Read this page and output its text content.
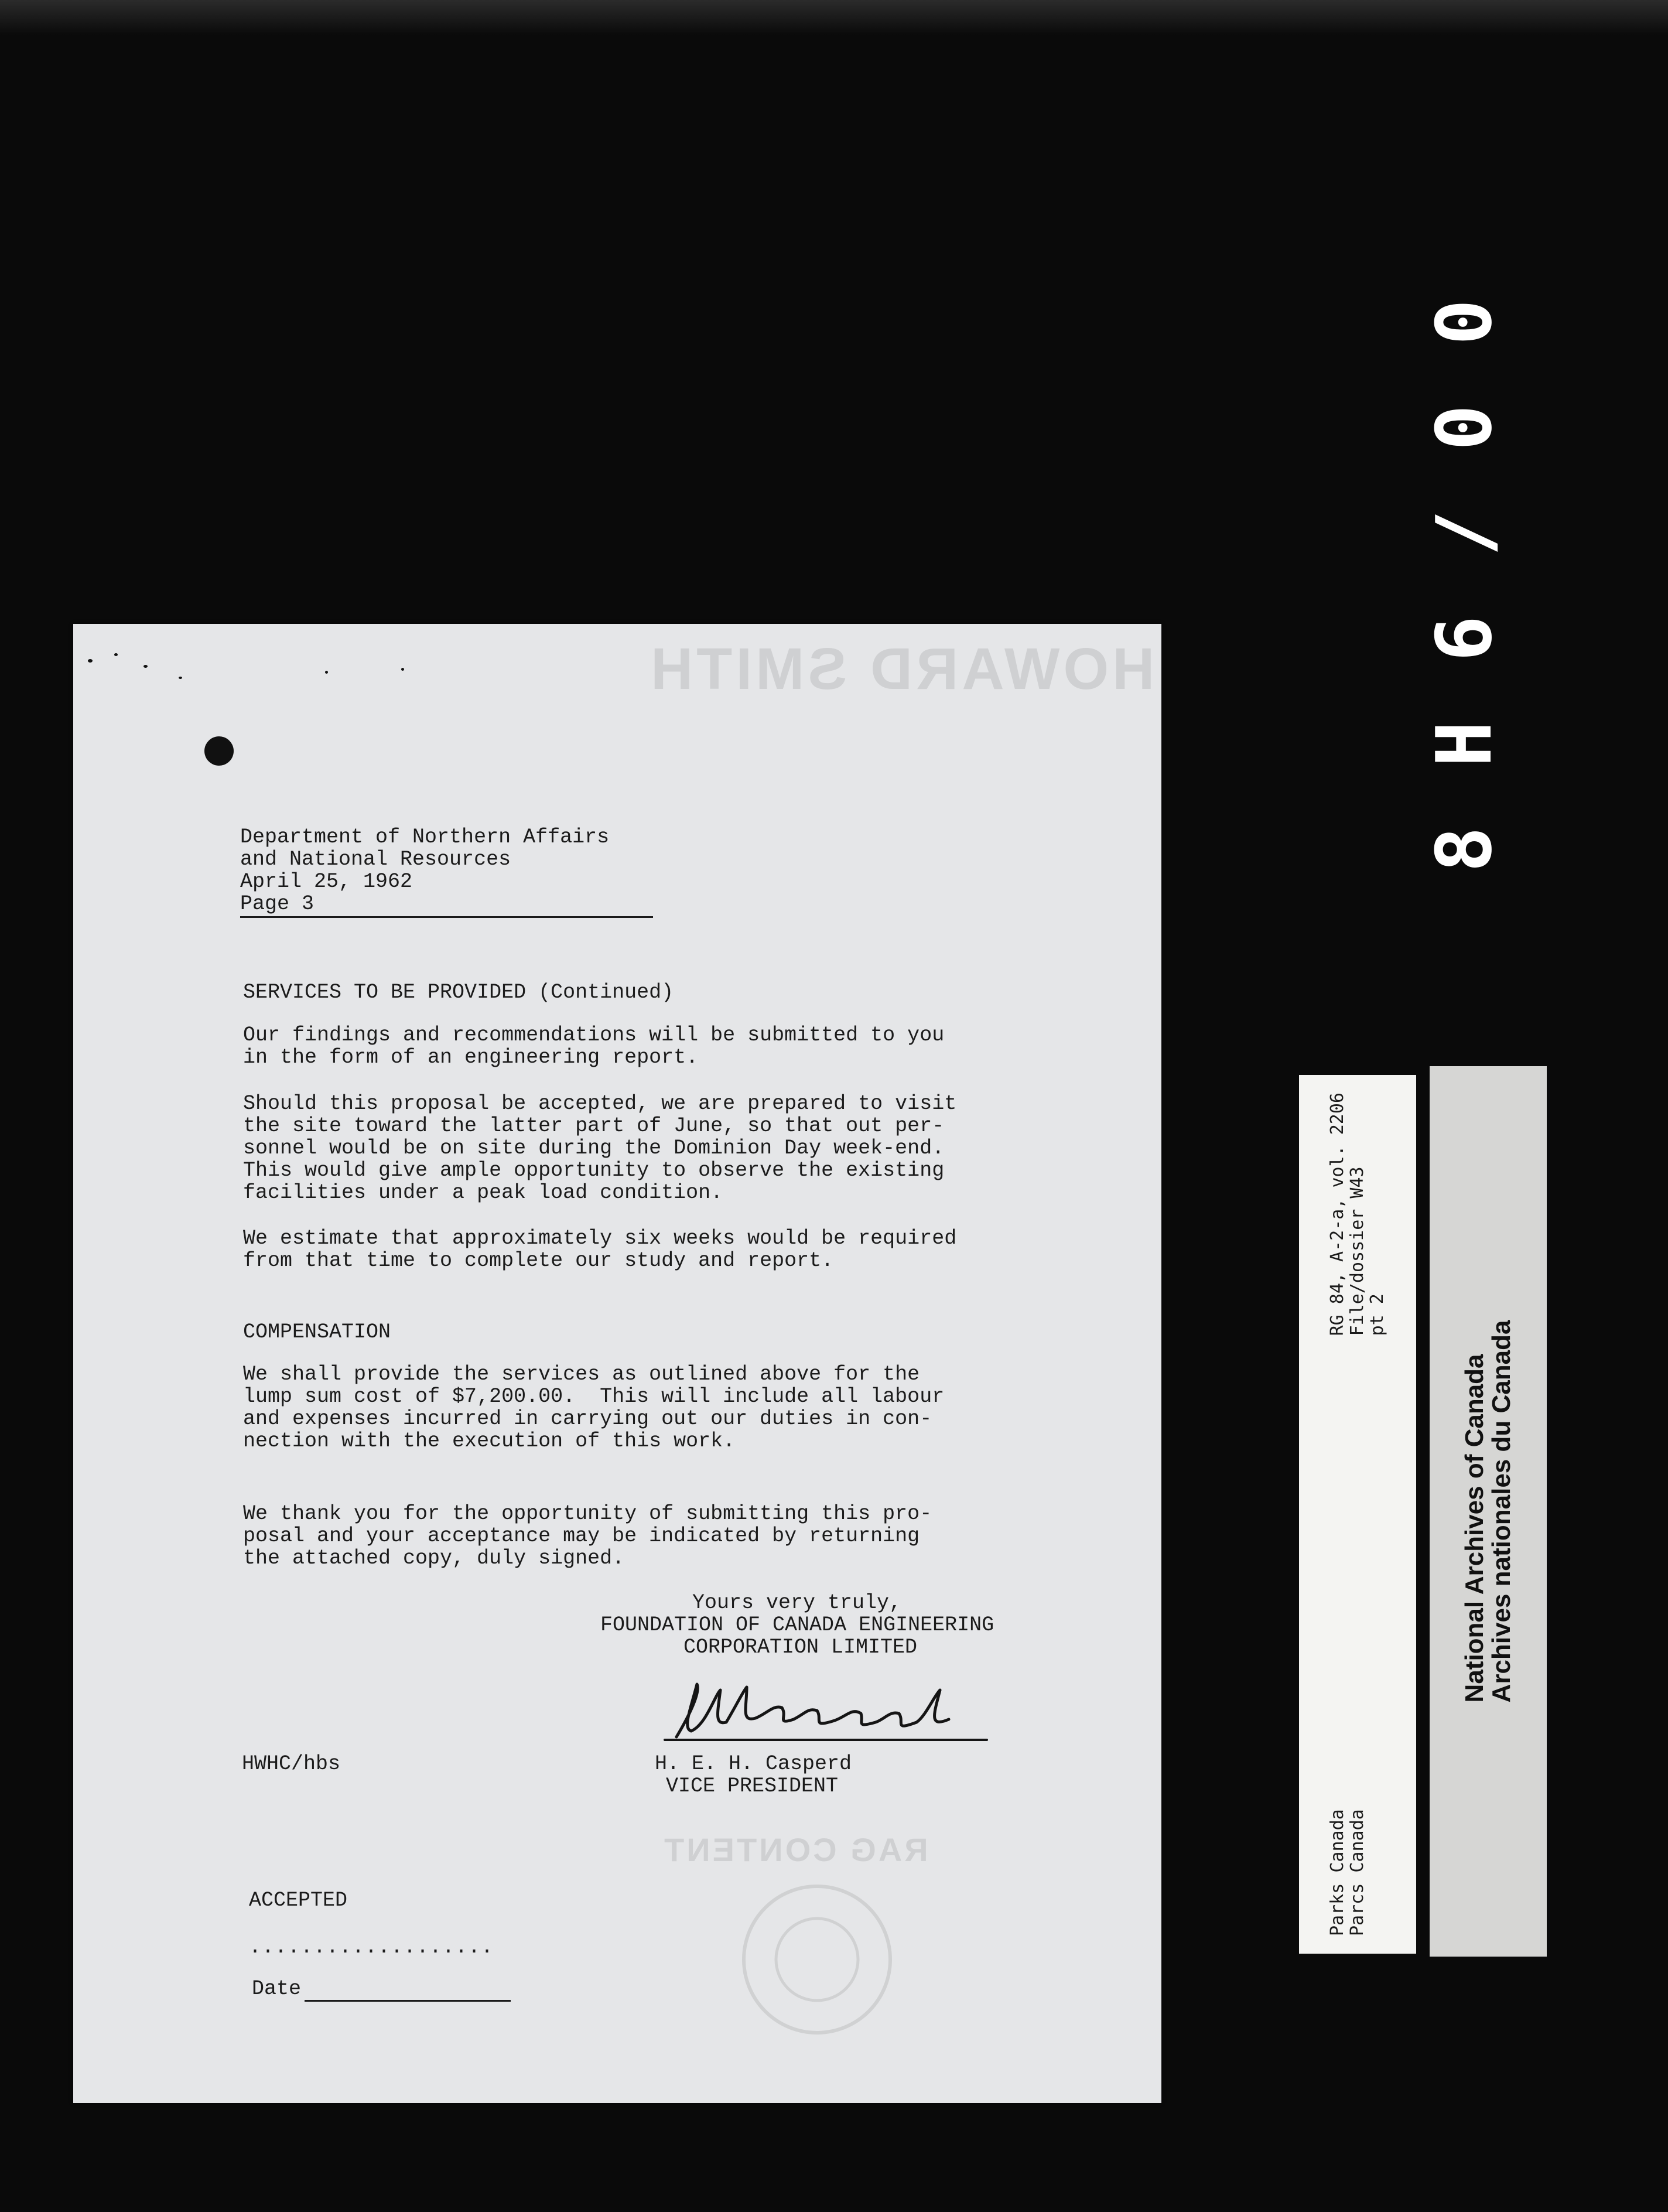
0
0
/
6
H
8
HOWARD SMITH
Department of Northern Affairs
and National Resources
April 25, 1962
Page 3
SERVICES TO BE PROVIDED (Continued)
Our findings and recommendations will be submitted to you
in the form of an engineering report.
Should this proposal be accepted, we are prepared to visit
the site toward the latter part of June, so that out per-
sonnel would be on site during the Dominion Day week-end.
This would give ample opportunity to observe the existing
facilities under a peak load condition.
We estimate that approximately six weeks would be required
from that time to complete our study and report.
COMPENSATION
We shall provide the services as outlined above for the
lump sum cost of $7,200.00.  This will include all labour
and expenses incurred in carrying out our duties in con-
nection with the execution of this work.
We thank you for the opportunity of submitting this pro-
posal and your acceptance may be indicated by returning
the attached copy, duly signed.
Yours very truly,
FOUNDATION OF CANADA ENGINEERING
CORPORATION LIMITED
HWHC/hbs	H. E. H. Casperd
VICE PRESIDENT
RAG CONTENT
ACCEPTED
...................
Date
Parks Canada Parcs Canada
RG 84, A-2-a, vol. 2206 File/dossier W43 pt 2
National Archives of Canada
Archives nationales du Canada
